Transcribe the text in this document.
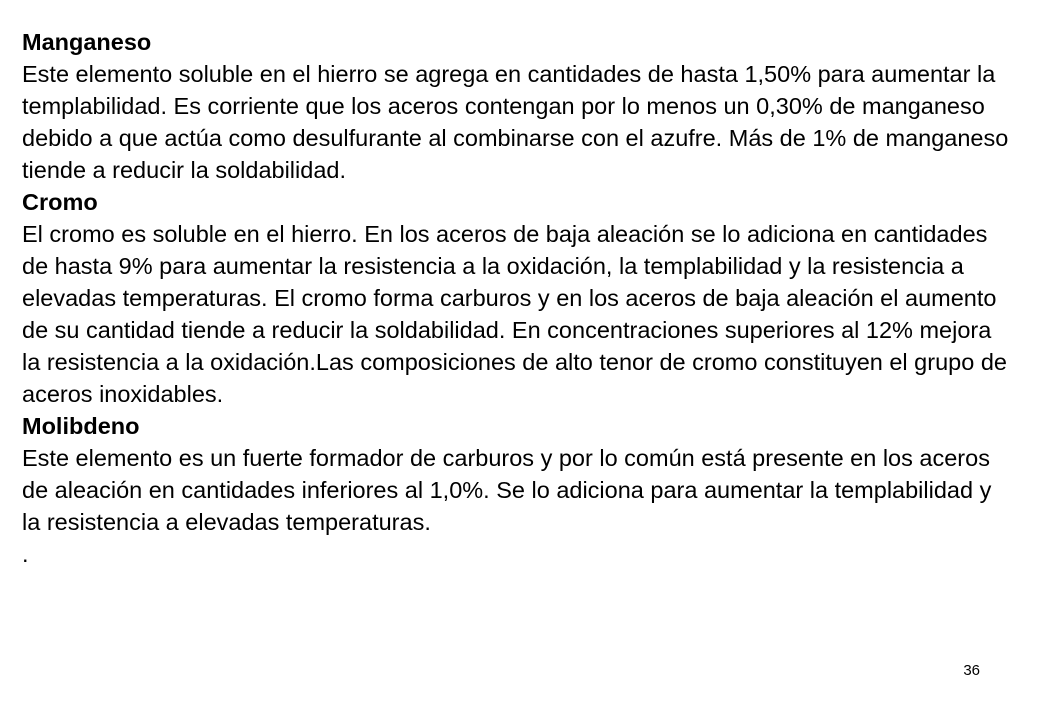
Manganeso
Este elemento soluble en el hierro se agrega en cantidades de hasta 1,50% para aumentar la templabilidad. Es corriente que los aceros contengan por lo menos un 0,30% de manganeso debido a que actúa como desulfurante al combinarse con el azufre. Más de 1% de manganeso tiende a reducir la soldabilidad.
Cromo
El cromo es soluble en el hierro. En los aceros de baja aleación se lo adiciona en cantidades de hasta 9% para aumentar la resistencia a la oxidación, la templabilidad y la resistencia a elevadas temperaturas. El cromo forma carburos y en los aceros de baja aleación el aumento de su cantidad tiende a reducir la soldabilidad. En concentraciones superiores al 12% mejora la resistencia a la oxidación.Las composiciones de alto tenor de cromo constituyen el grupo de aceros inoxidables.
Molibdeno
Este elemento es un fuerte formador de carburos y por lo común está presente en los aceros de aleación en cantidades inferiores al 1,0%. Se lo adiciona para aumentar la templabilidad y la resistencia a elevadas temperaturas.
.
36
